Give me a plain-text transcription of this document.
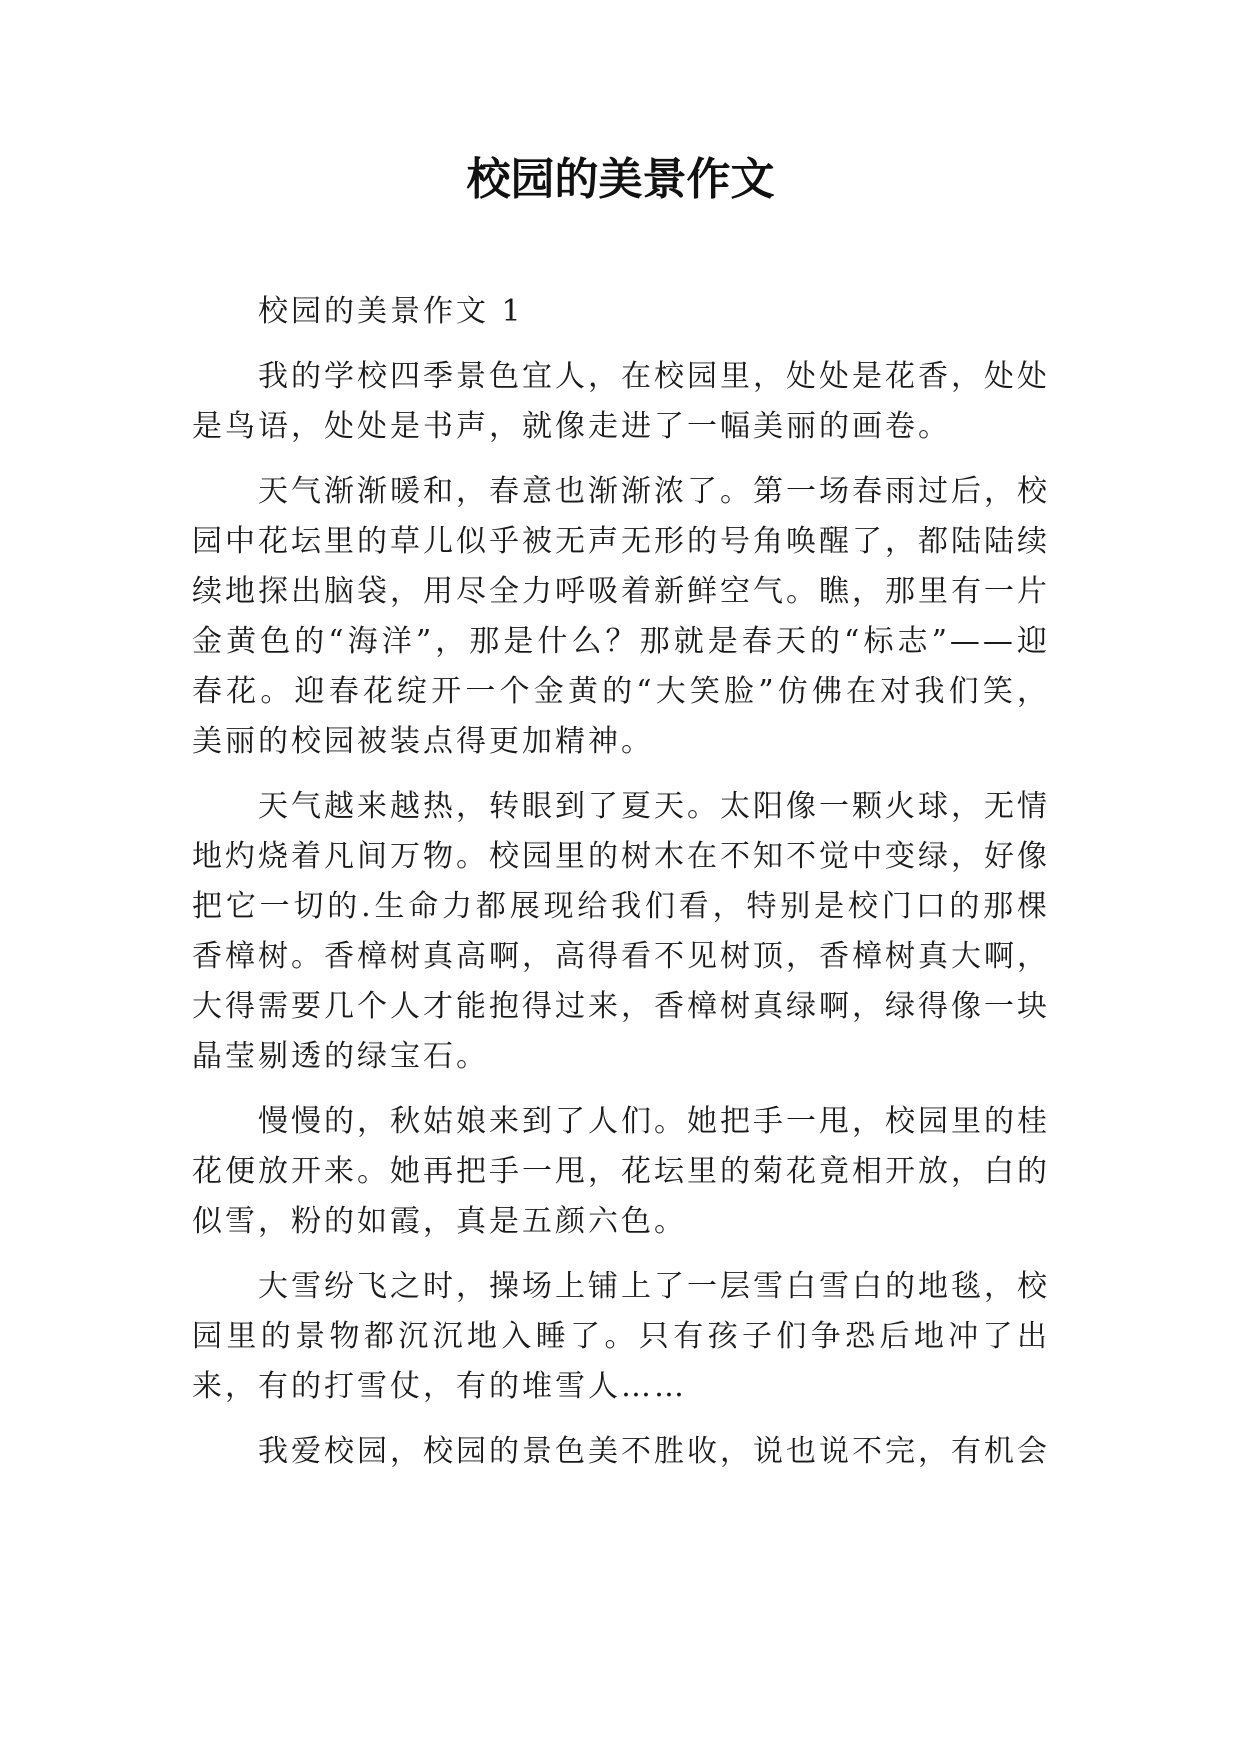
校园的美景作文

校园的美景作文 1

我的学校四季景色宜人，在校园里，处处是花香，处处是鸟语，处处是书声，就像走进了一幅美丽的画卷。

天气渐渐暖和，春意也渐渐浓了。第一场春雨过后，校园中花坛里的草儿似乎被无声无形的号角唤醒了，都陆陆续续地探出脑袋，用尽全力呼吸着新鲜空气。瞧，那里有一片金黄色的“海洋”，那是什么？那就是春天的“标志”——迎春花。迎春花绽开一个金黄的“大笑脸”仿佛在对我们笑，美丽的校园被装点得更加精神。

天气越来越热，转眼到了夏天。太阳像一颗火球，无情地灼烧着凡间万物。校园里的树木在不知不觉中变绿，好像把它一切的.生命力都展现给我们看，特别是校门口的那棵香樟树。香樟树真高啊，高得看不见树顶，香樟树真大啊，大得需要几个人才能抱得过来，香樟树真绿啊，绿得像一块晶莹剔透的绿宝石。

慢慢的，秋姑娘来到了人们。她把手一甩，校园里的桂花便放开来。她再把手一甩，花坛里的菊花竟相开放，白的似雪，粉的如霞，真是五颜六色。

大雪纷飞之时，操场上铺上了一层雪白雪白的地毯，校园里的景物都沉沉地入睡了。只有孩子们争恐后地冲了出来，有的打雪仗，有的堆雪人……

我爱校园，校园的景色美不胜收，说也说不完，有机会
